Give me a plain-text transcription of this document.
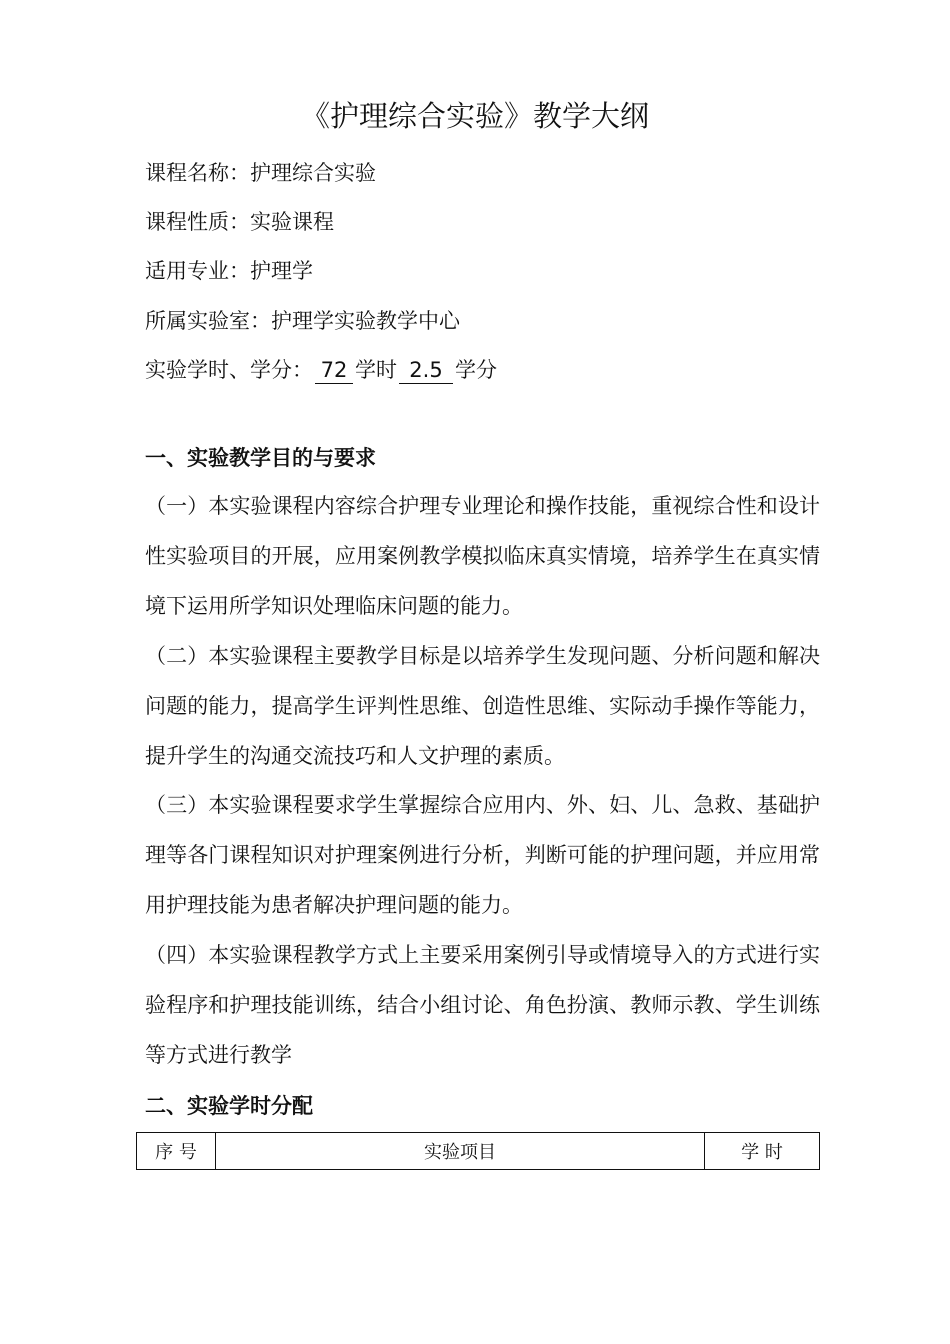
《护理综合实验》教学大纲

课程名称：护理综合实验

课程性质：实验课程

适用专业：护理学

所属实验室：护理学实验教学中心

实验学时、学分： 72 学时 2.5 学分

一、实验教学目的与要求

（一）本实验课程内容综合护理专业理论和操作技能，重视综合性和设计性实验项目的开展，应用案例教学模拟临床真实情境，培养学生在真实情境下运用所学知识处理临床问题的能力。

（二）本实验课程主要教学目标是以培养学生发现问题、分析问题和解决问题的能力，提高学生评判性思维、创造性思维、实际动手操作等能力，提升学生的沟通交流技巧和人文护理的素质。

（三）本实验课程要求学生掌握综合应用内、外、妇、儿、急救、基础护理等各门课程知识对护理案例进行分析，判断可能的护理问题，并应用常用护理技能为患者解决护理问题的能力。

（四）本实验课程教学方式上主要采用案例引导或情境导入的方式进行实验程序和护理技能训练，结合小组讨论、角色扮演、教师示教、学生训练等方式进行教学

二、实验学时分配
序 号	实验项目	学 时
